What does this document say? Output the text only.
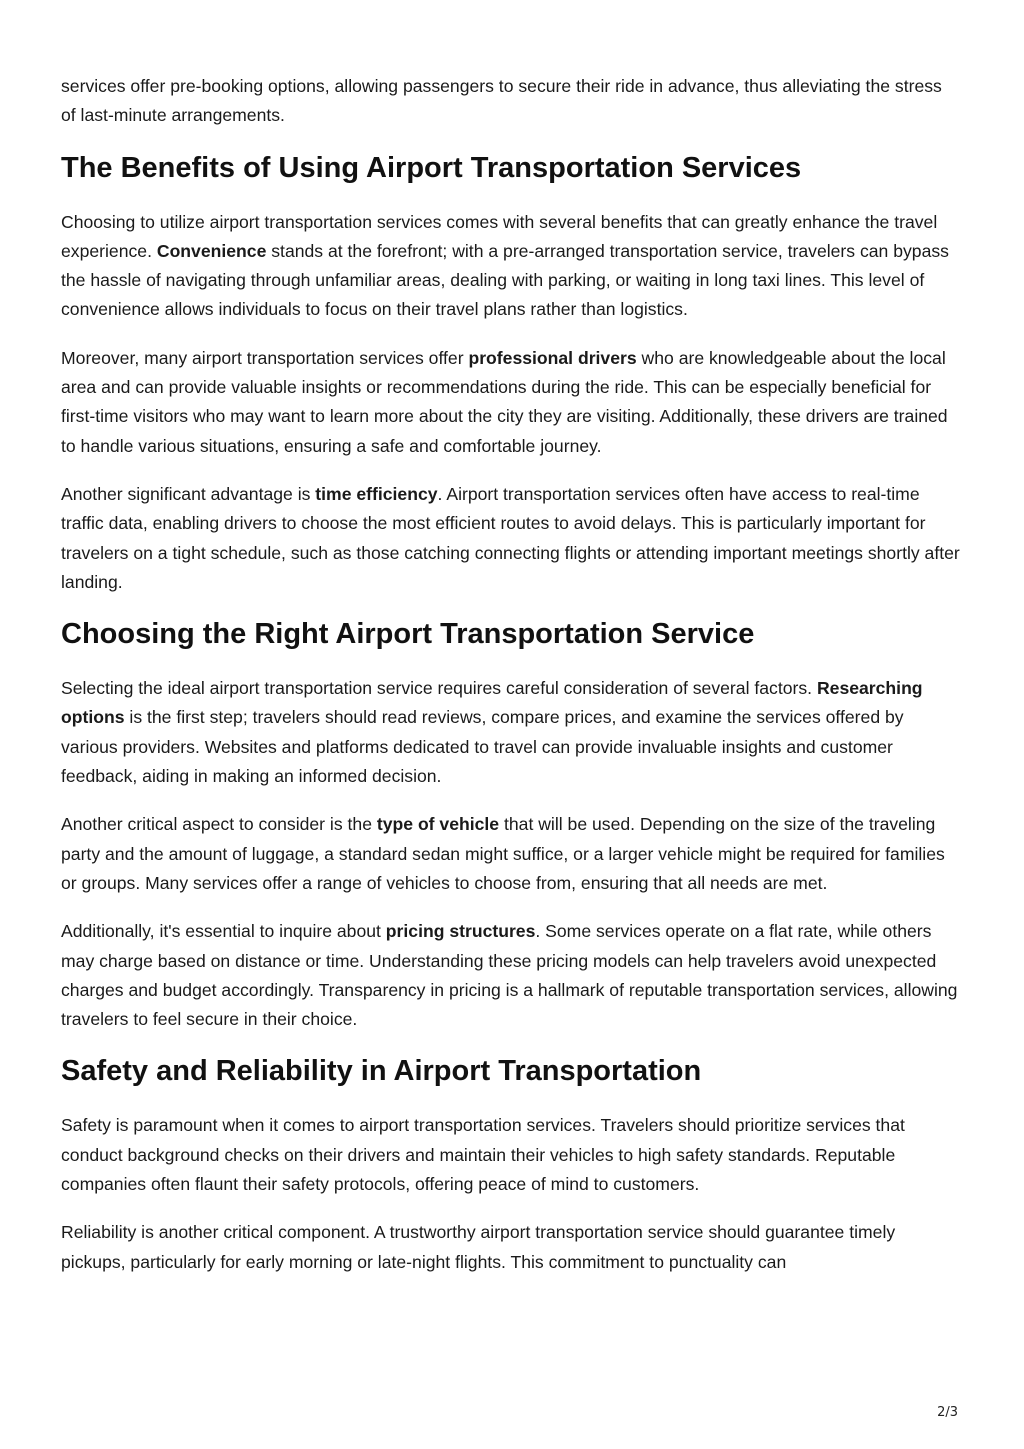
services offer pre-booking options, allowing passengers to secure their ride in advance, thus alleviating the stress of last-minute arrangements.

The Benefits of Using Airport Transportation Services

Choosing to utilize airport transportation services comes with several benefits that can greatly enhance the travel experience. Convenience stands at the forefront; with a pre-arranged transportation service, travelers can bypass the hassle of navigating through unfamiliar areas, dealing with parking, or waiting in long taxi lines. This level of convenience allows individuals to focus on their travel plans rather than logistics.

Moreover, many airport transportation services offer professional drivers who are knowledgeable about the local area and can provide valuable insights or recommendations during the ride. This can be especially beneficial for first-time visitors who may want to learn more about the city they are visiting. Additionally, these drivers are trained to handle various situations, ensuring a safe and comfortable journey.

Another significant advantage is time efficiency. Airport transportation services often have access to real-time traffic data, enabling drivers to choose the most efficient routes to avoid delays. This is particularly important for travelers on a tight schedule, such as those catching connecting flights or attending important meetings shortly after landing.

Choosing the Right Airport Transportation Service

Selecting the ideal airport transportation service requires careful consideration of several factors. Researching options is the first step; travelers should read reviews, compare prices, and examine the services offered by various providers. Websites and platforms dedicated to travel can provide invaluable insights and customer feedback, aiding in making an informed decision.

Another critical aspect to consider is the type of vehicle that will be used. Depending on the size of the traveling party and the amount of luggage, a standard sedan might suffice, or a larger vehicle might be required for families or groups. Many services offer a range of vehicles to choose from, ensuring that all needs are met.

Additionally, it's essential to inquire about pricing structures. Some services operate on a flat rate, while others may charge based on distance or time. Understanding these pricing models can help travelers avoid unexpected charges and budget accordingly. Transparency in pricing is a hallmark of reputable transportation services, allowing travelers to feel secure in their choice.

Safety and Reliability in Airport Transportation

Safety is paramount when it comes to airport transportation services. Travelers should prioritize services that conduct background checks on their drivers and maintain their vehicles to high safety standards. Reputable companies often flaunt their safety protocols, offering peace of mind to customers.

Reliability is another critical component. A trustworthy airport transportation service should guarantee timely pickups, particularly for early morning or late-night flights. This commitment to punctuality can

2/3
